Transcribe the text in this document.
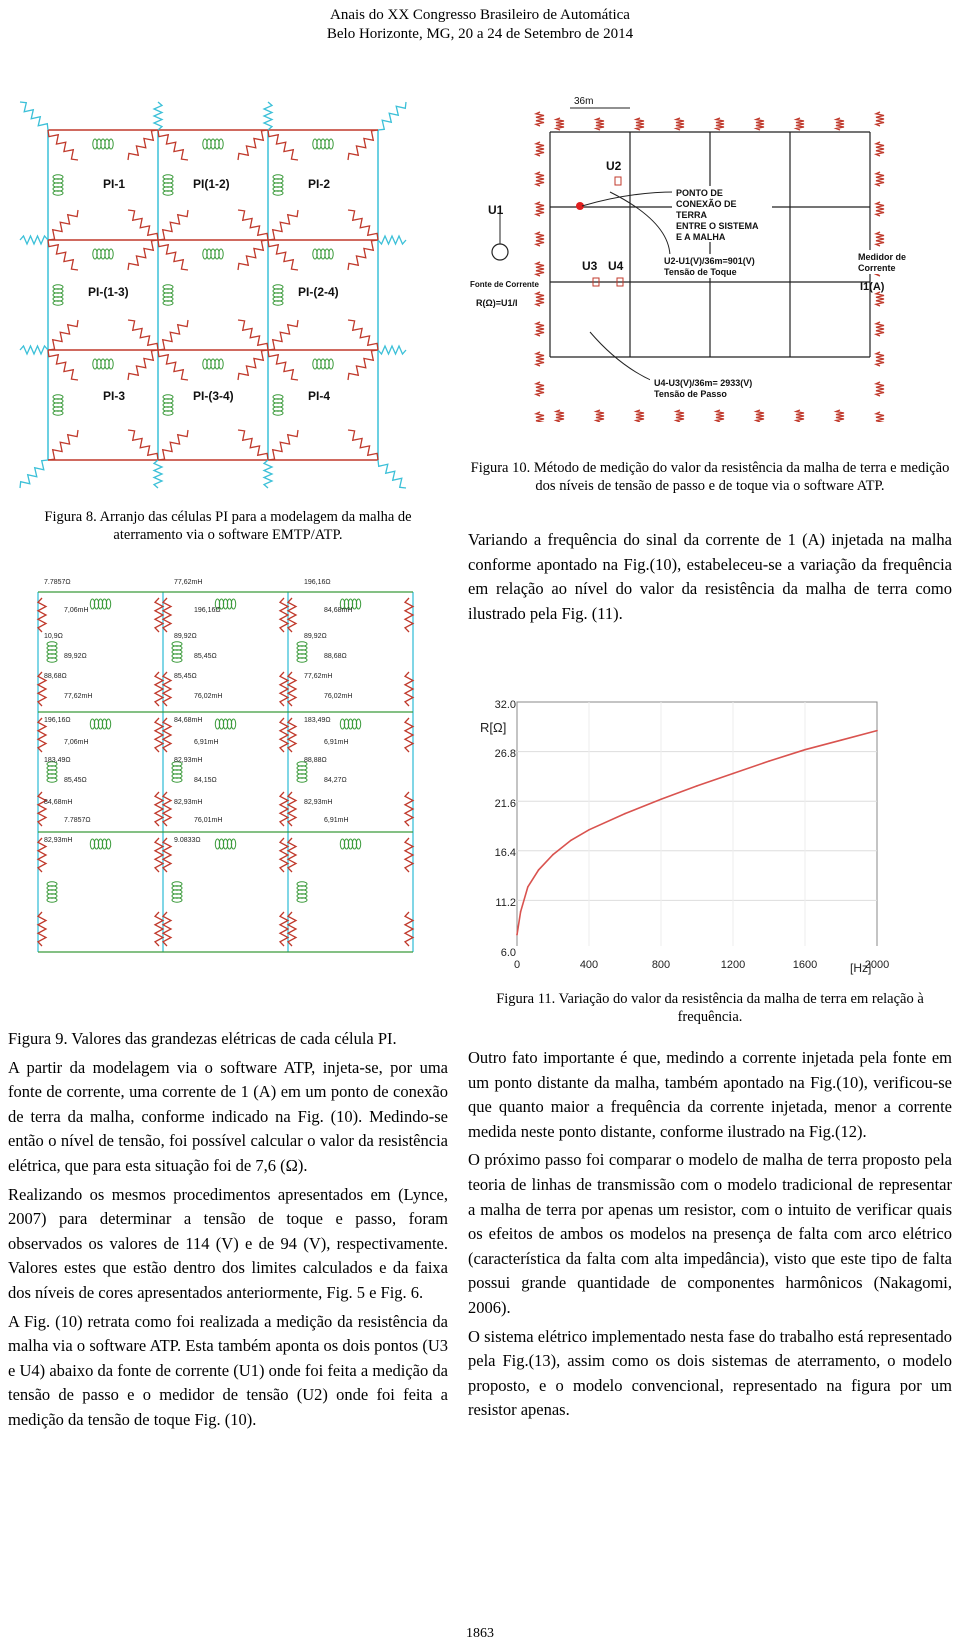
Anais do XX Congresso Brasileiro de Automática
Belo Horizonte, MG, 20 a 24 de Setembro de 2014
PI-1	PI(1-2)	PI-2
PI-(1-3)	PI-(2-4)
PI-3	PI-(3-4)	PI-4
Figura 8. Arranjo das células PI para a modelagem da malha de aterramento via o software EMTP/ATP.
36m
U1
U2
U3 U4
PONTO DE
CONEXÃO DE
TERRA
ENTRE O SISTEMA
E A MALHA
U2-U1(V)/36m=901(V)
Tensão de Toque
Medidor de
Corrente
I1(A)
Fonte de Corrente
R(Ω)=U1/I
U4-U3(V)/36m= 2933(V)
Tensão de Passo
Figura 10. Método de medição do valor da resistência da malha de terra e medição dos níveis de tensão de passo e de toque via o software ATP.

Variando a frequência do sinal da corrente de 1 (A) injetada na malha conforme apontado na Fig.(10), estabeleceu-se a variação da frequência em relação ao nível do valor da resistência da malha de terra como ilustrado pela Fig. (11).

7.7857Ω	77,62mH	196,16Ω
7,06mH	196,16Ω	84,68mH
10,9Ω	89,92Ω	89,92Ω
89,92Ω	85,45Ω	88,68Ω
88,68Ω	85,45Ω	77,62mH
77,62mH	76,02mH	76,02mH
196,16Ω	84,68mH	183,49Ω
7,06mH	6,91mH	6,91mH
183,49Ω	82,93mH	88,88Ω
85,45Ω	84,15Ω	84,27Ω
84,68mH	82,93mH	82,93mH
7.7857Ω	76,01mH	6,91mH
82,93mH	9.0833Ω
32.0
26.8
21.6
16.4
11.2
R[Ω]
6.0
0	400	800	1200	1600	2000
[Hz]
Figura 11. Variação do valor da resistência da malha de terra em relação à frequência.

Figura 9. Valores das grandezas elétricas de cada célula PI.

A partir da modelagem via o software ATP, injeta-se, por uma fonte de corrente, uma corrente de 1 (A) em um ponto de conexão de terra da malha, conforme indicado na Fig. (10). Medindo-se então o nível de tensão, foi possível calcular o valor da resistência elétrica, que para esta situação foi de 7,6 (Ω).

Realizando os mesmos procedimentos apresentados em (Lynce, 2007) para determinar a tensão de toque e passo, foram observados os valores de 114 (V) e de 94 (V), respectivamente. Valores estes que estão dentro dos limites calculados e da faixa dos níveis de cores apresentados anteriormente, Fig. 5 e Fig. 6.

A Fig. (10) retrata como foi realizada a medição da resistência da malha via o software ATP. Esta também aponta os dois pontos (U3 e U4) abaixo da fonte de corrente (U1) onde foi feita a medição da tensão de passo e o medidor de tensão (U2) onde foi feita a medição da tensão de toque Fig. (10).

Outro fato importante é que, medindo a corrente injetada pela fonte em um ponto distante da malha, também apontado na Fig.(10), verificou-se que quanto maior a frequência da corrente injetada, menor a corrente medida neste ponto distante, conforme ilustrado na Fig.(12).

O próximo passo foi comparar o modelo de malha de terra proposto pela teoria de linhas de transmissão com o modelo tradicional de representar a malha de terra por apenas um resistor, com o intuito de verificar quais os efeitos de ambos os modelos na presença de falta com arco elétrico (característica da falta com alta impedância), visto que este tipo de falta possui grande quantidade de componentes harmônicos (Nakagomi, 2006).

O sistema elétrico implementado nesta fase do trabalho está representado pela Fig.(13), assim como os dois sistemas de aterramento, o modelo proposto, e o modelo convencional, representado na figura por um resistor apenas.

1863
